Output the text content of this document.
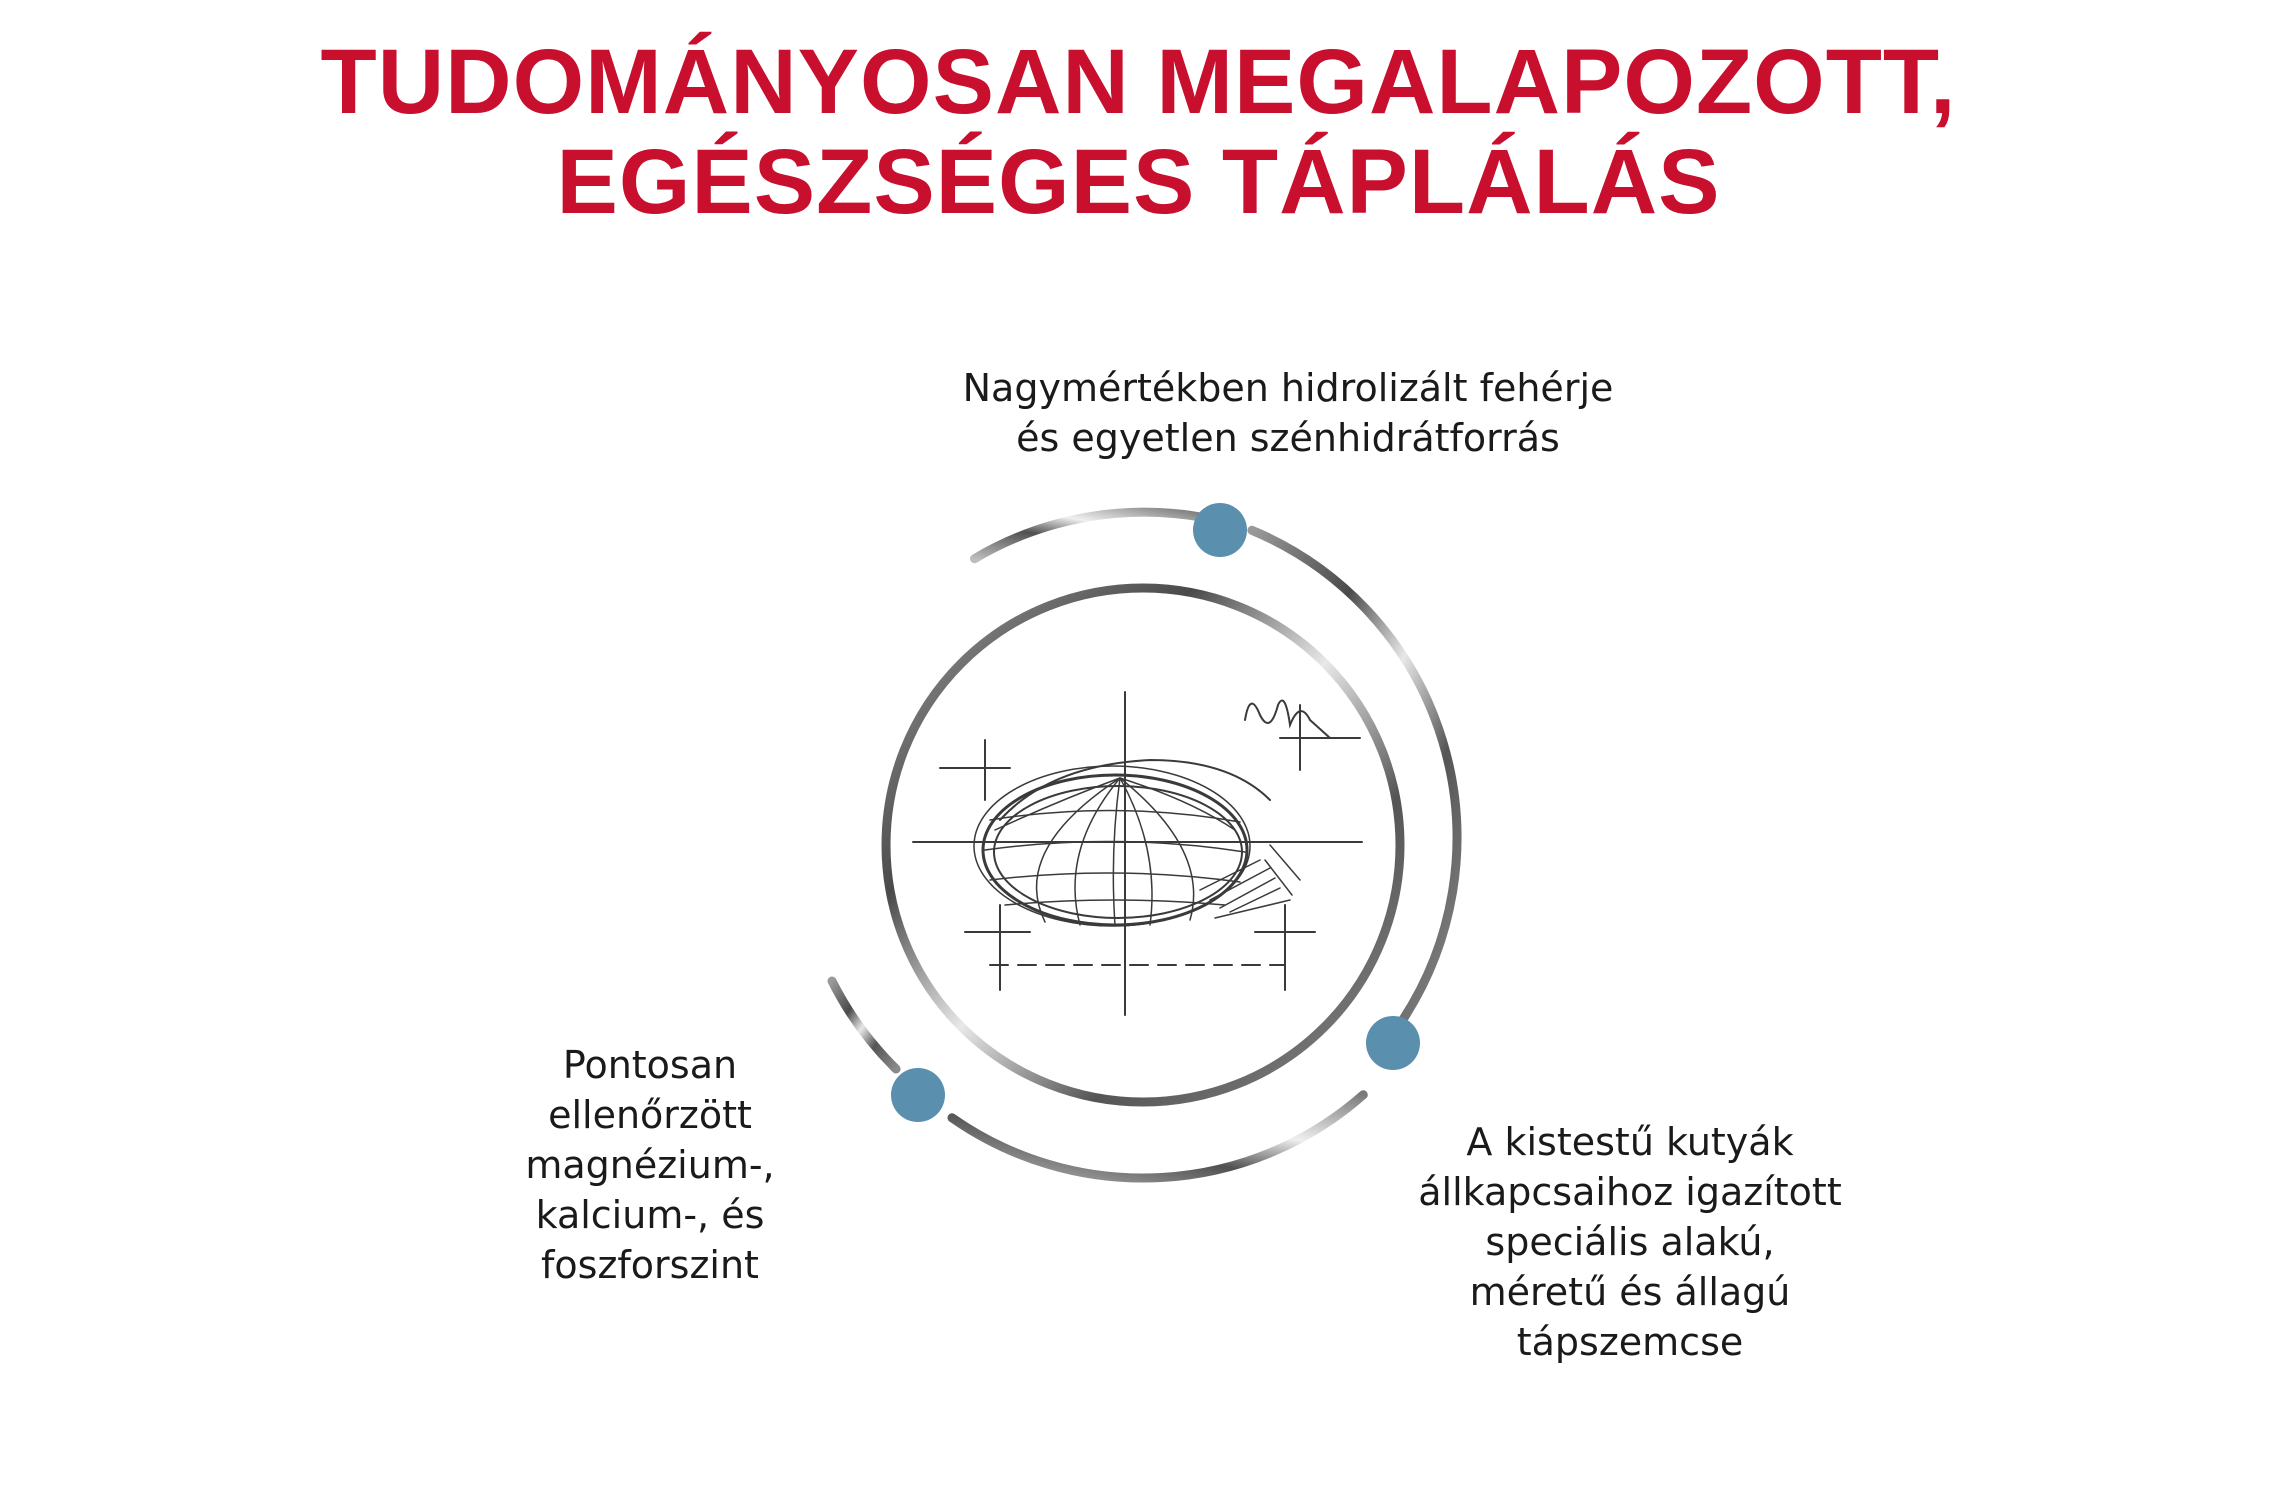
TUDOMÁNYOSAN MEGALAPOZOTT,
EGÉSZSÉGES TÁPLÁLÁS

Nagymértékben hidrolizált fehérje
és egyetlen szénhidrátforrás

Pontosan
ellenőrzött
magnézium-,
kalcium-, és
foszforszint

A kistestű kutyák
állkapcsaihoz igazított
speciális alakú,
méretű és állagú
tápszemcse
